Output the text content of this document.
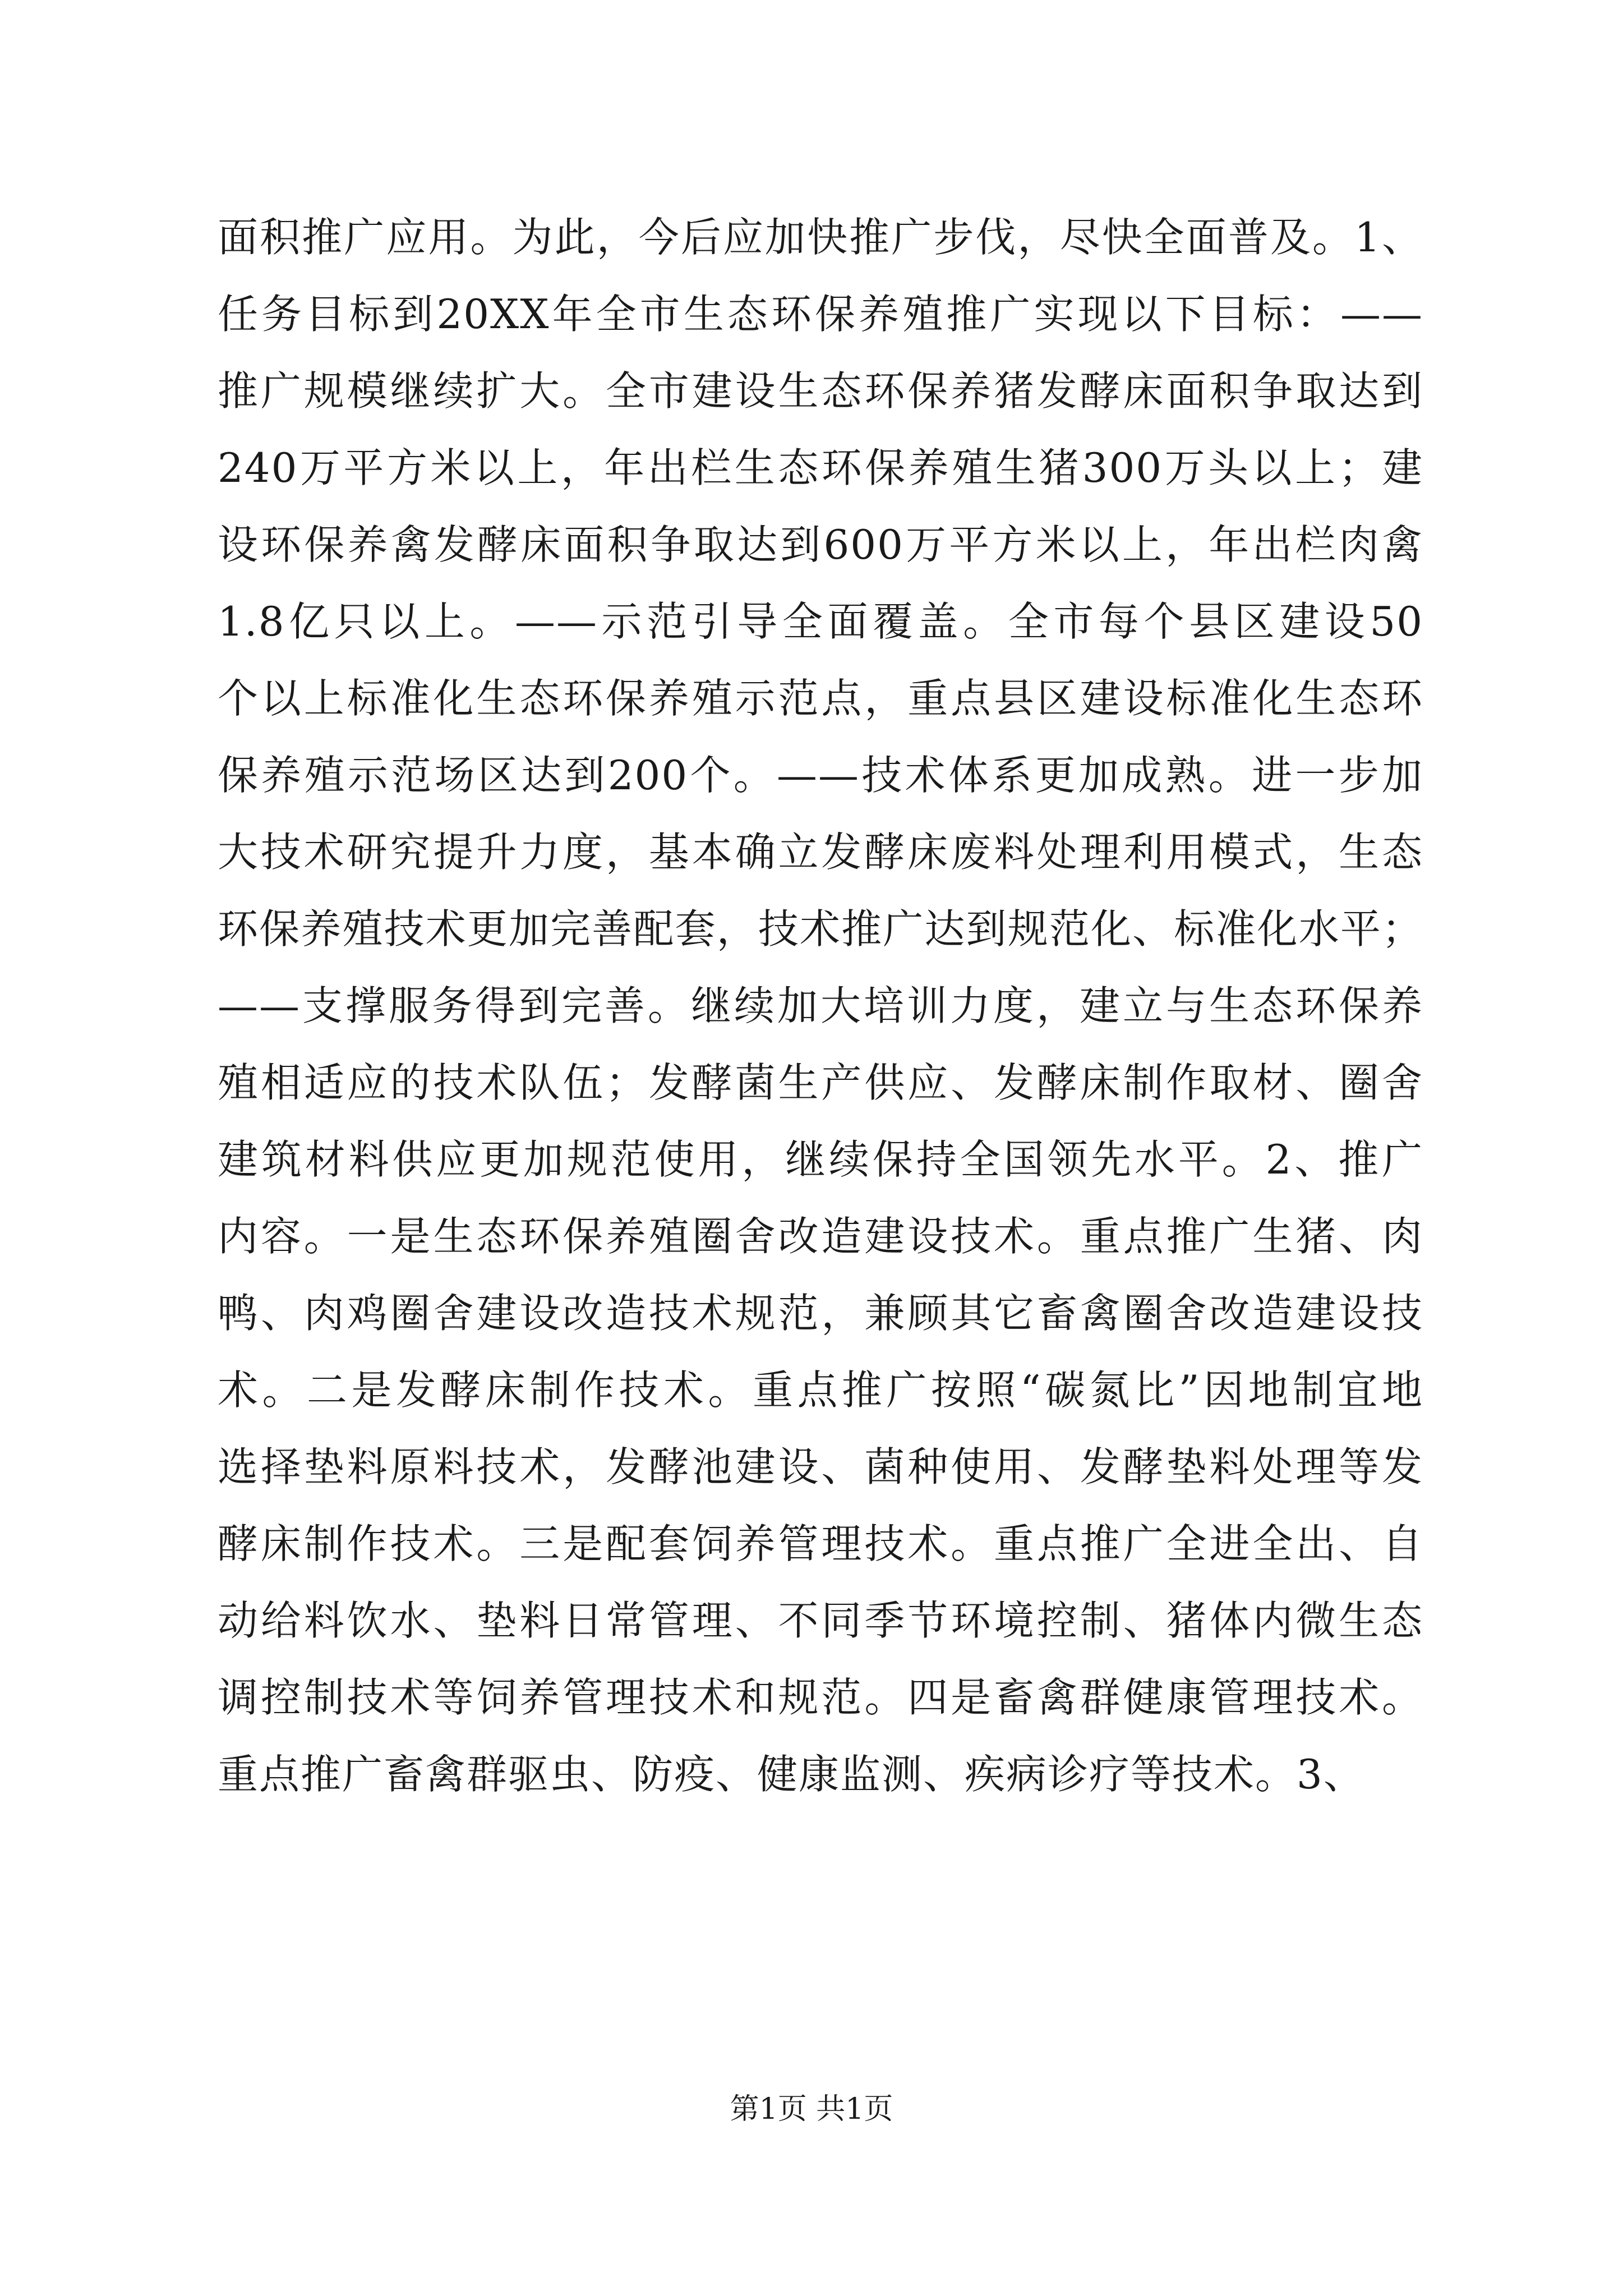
面积推广应用。为此，今后应加快推广步伐，尽快全面普及。1、
任务目标到20XX年全市生态环保养殖推广实现以下目标：——
推广规模继续扩大。全市建设生态环保养猪发酵床面积争取达到
240万平方米以上，年出栏生态环保养殖生猪300万头以上；建
设环保养禽发酵床面积争取达到600万平方米以上，年出栏肉禽
1.8亿只以上。——示范引导全面覆盖。全市每个县区建设50
个以上标准化生态环保养殖示范点，重点县区建设标准化生态环
保养殖示范场区达到200个。——技术体系更加成熟。进一步加
大技术研究提升力度，基本确立发酵床废料处理利用模式，生态
环保养殖技术更加完善配套，技术推广达到规范化、标准化水平；
——支撑服务得到完善。继续加大培训力度，建立与生态环保养
殖相适应的技术队伍；发酵菌生产供应、发酵床制作取材、圈舍
建筑材料供应更加规范使用，继续保持全国领先水平。2、推广
内容。一是生态环保养殖圈舍改造建设技术。重点推广生猪、肉
鸭、肉鸡圈舍建设改造技术规范，兼顾其它畜禽圈舍改造建设技
术。二是发酵床制作技术。重点推广按照“碳氮比”因地制宜地
选择垫料原料技术，发酵池建设、菌种使用、发酵垫料处理等发
酵床制作技术。三是配套饲养管理技术。重点推广全进全出、自
动给料饮水、垫料日常管理、不同季节环境控制、猪体内微生态
调控制技术等饲养管理技术和规范。四是畜禽群健康管理技术。
重点推广畜禽群驱虫、防疫、健康监测、疾病诊疗等技术。3、
第1页 共1页
